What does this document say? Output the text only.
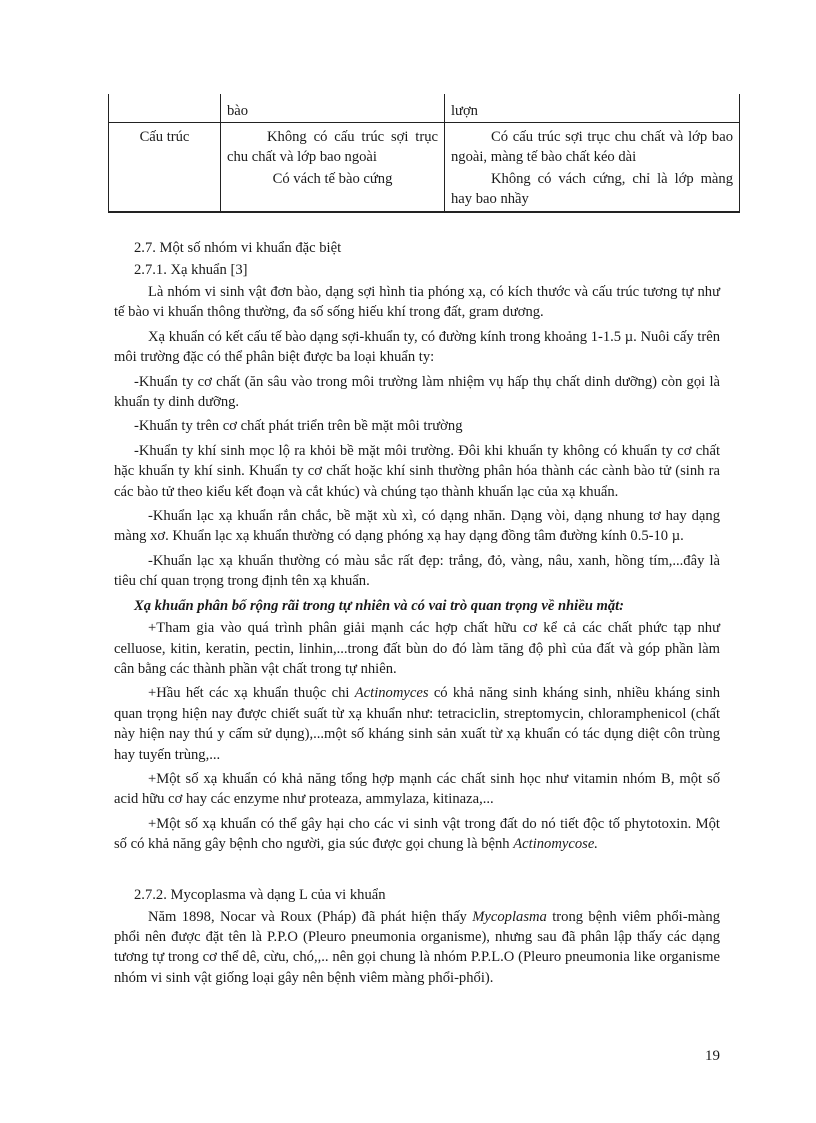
bào	lượn
Cấu trúc	Không có cấu trúc sợi trục chu chất và lớp bao ngoài
Có vách tế bào cứng
Có cấu trúc sợi trục chu chất và lớp bao ngoài, màng tế bào chất kéo dài
Không có vách cứng, chỉ là lớp màng hay bao nhầy

2.7. Một số nhóm vi khuẩn đặc biệt

2.7.1. Xạ khuẩn [3]

Là nhóm vi sinh vật đơn bào, dạng sợi hình tia phóng xạ, có kích thước và cấu trúc tương tự như tế bào vi khuẩn thông thường, đa số sống hiếu khí trong đất, gram dương.

Xạ khuẩn có kết cấu tế bào dạng sợi-khuẩn ty, có đường kính trong khoảng 1-1.5 µ. Nuôi cấy trên môi trường đặc có thể phân biệt được ba loại khuẩn ty:

-Khuẩn ty cơ chất (ăn sâu vào trong môi trường làm nhiệm vụ hấp thụ chất dinh dưỡng) còn gọi là khuẩn ty dinh dưỡng.

-Khuẩn ty trên cơ chất phát triển trên bề mặt môi trường

-Khuẩn ty khí sinh mọc lộ ra khỏi bề mặt môi trường. Đôi khi khuẩn ty không có khuẩn ty cơ chất hặc khuẩn ty khí sinh. Khuẩn ty cơ chất hoặc khí sinh thường phân hóa thành các cành bào tử (sinh ra các bào tử theo kiểu kết đoạn và cắt khúc) và chúng tạo thành khuẩn lạc của xạ khuẩn.

-Khuẩn lạc xạ khuẩn rắn chắc, bề mặt xù xì, có dạng nhăn. Dạng vòi, dạng nhung tơ hay dạng màng xơ. Khuẩn lạc xạ khuẩn thường có dạng phóng xạ hay dạng đồng tâm đường kính 0.5-10 µ.

-Khuẩn lạc xạ khuẩn thường có màu sắc rất đẹp: trắng, đỏ, vàng, nâu, xanh, hồng tím,...đây là tiêu chí quan trọng trong định tên xạ khuẩn.

Xạ khuẩn phân bố rộng rãi trong tự nhiên và có vai trò quan trọng về nhiều mặt:

+Tham gia vào quá trình phân giải mạnh các hợp chất hữu cơ kể cả các chất phức tạp như celluose, kitin, keratin, pectin, linhin,...trong đất bùn do đó làm tăng độ phì của đất và góp phần làm cân bằng các thành phần vật chất trong tự nhiên.

+Hầu hết các xạ khuẩn thuộc chi Actinomyces có khả năng sinh kháng sinh, nhiều kháng sinh quan trọng hiện nay được chiết suất từ xạ khuẩn như: tetraciclin, streptomycin, chloramphenicol (chất này hiện nay thú y cấm sử dụng),...một số kháng sinh sản xuất từ xạ khuẩn có tác dụng diệt côn trùng hay tuyến trùng,...

+Một số xạ khuẩn có khả năng tổng hợp mạnh các chất sinh học như vitamin nhóm B, một số acid hữu cơ hay các enzyme như proteaza, ammylaza, kitinaza,...

+Một số xạ khuẩn có thể gây hại cho các vi sinh vật trong đất do nó tiết độc tố phytotoxin. Một số có khả năng gây bệnh cho người, gia súc được gọi chung là bệnh Actinomycose.

2.7.2. Mycoplasma và dạng L của vi khuẩn

Năm 1898, Nocar và Roux (Pháp) đã phát hiện thấy Mycoplasma trong bệnh viêm phổi-màng phổi nên được đặt tên là P.P.O (Pleuro pneumonia organisme), nhưng sau đã phân lập thấy các dạng tương tự trong cơ thể dê, cừu, chó,,.. nên gọi chung là nhóm P.P.L.O (Pleuro pneumonia like organisme nhóm vi sinh vật giống loại gây nên bệnh viêm màng phổi-phổi).

19
